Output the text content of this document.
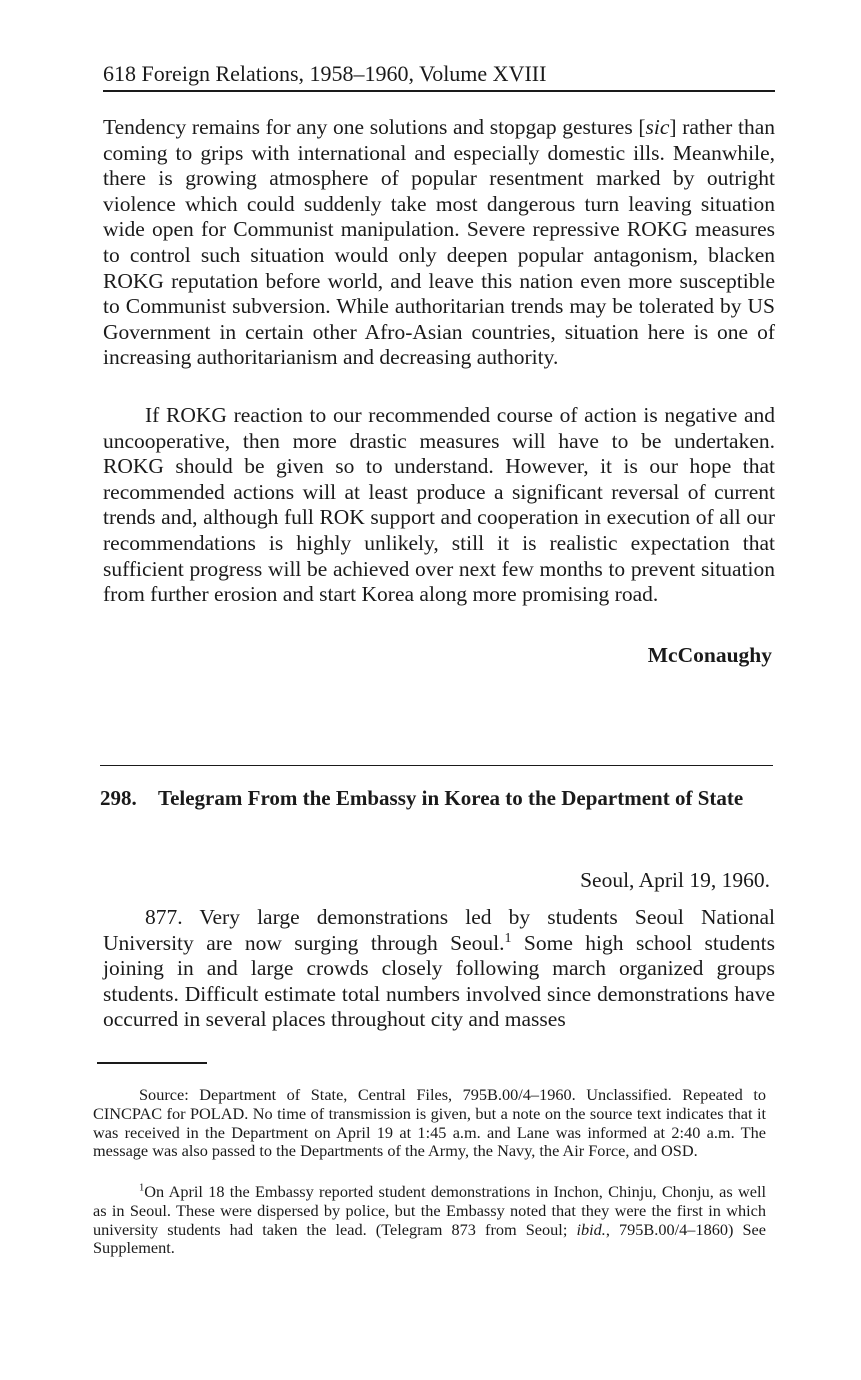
618 Foreign Relations, 1958–1960, Volume XVIII
Tendency remains for any one solutions and stopgap gestures [sic] rather than coming to grips with international and especially domestic ills. Meanwhile, there is growing atmosphere of popular resentment marked by outright violence which could suddenly take most dangerous turn leaving situation wide open for Communist manipulation. Severe repressive ROKG measures to control such situation would only deepen popular antagonism, blacken ROKG reputation before world, and leave this nation even more susceptible to Communist subversion. While authoritarian trends may be tolerated by US Government in certain other Afro-Asian countries, situation here is one of increasing authoritarianism and decreasing authority.
If ROKG reaction to our recommended course of action is negative and uncooperative, then more drastic measures will have to be undertaken. ROKG should be given so to understand. However, it is our hope that recommended actions will at least produce a significant reversal of current trends and, although full ROK support and cooperation in execution of all our recommendations is highly unlikely, still it is realistic expectation that sufficient progress will be achieved over next few months to prevent situation from further erosion and start Korea along more promising road.
McConaughy
298. Telegram From the Embassy in Korea to the Department of State
Seoul, April 19, 1960.
877. Very large demonstrations led by students Seoul National University are now surging through Seoul.$^1$ Some high school students joining in and large crowds closely following march organized groups students. Difficult estimate total numbers involved since demonstrations have occurred in several places throughout city and masses
Source: Department of State, Central Files, 795B.00/4–1960. Unclassified. Repeated to CINCPAC for POLAD. No time of transmission is given, but a note on the source text indicates that it was received in the Department on April 19 at 1:45 a.m. and Lane was informed at 2:40 a.m. The message was also passed to the Departments of the Army, the Navy, the Air Force, and OSD.
$^1$On April 18 the Embassy reported student demonstrations in Inchon, Chinju, Chonju, as well as in Seoul. These were dispersed by police, but the Embassy noted that they were the first in which university students had taken the lead. (Telegram 873 from Seoul; ibid., 795B.00/4–1860) See Supplement.
